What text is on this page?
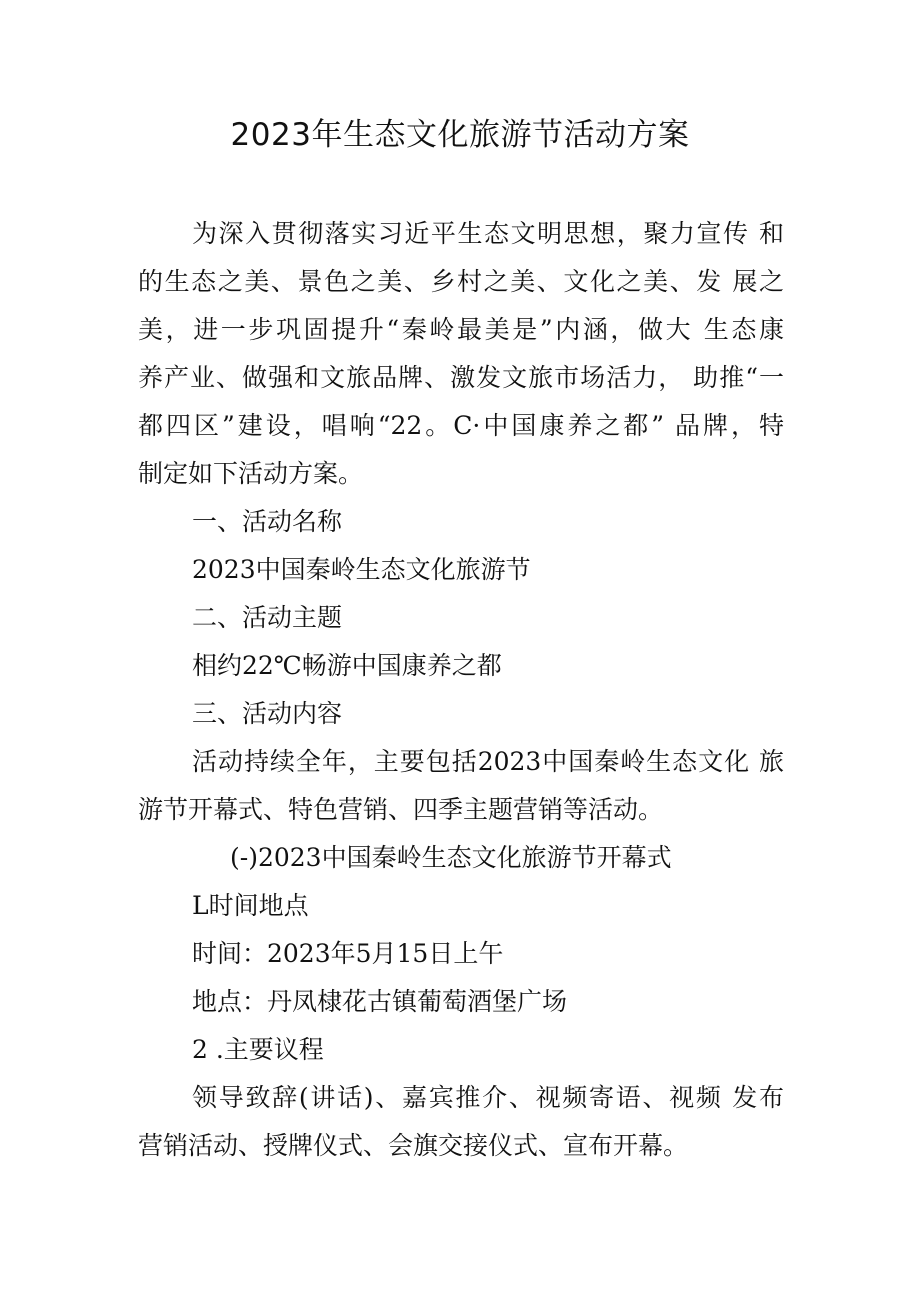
2023年生态文化旅游节活动方案
为深入贯彻落实习近平生态文明思想，聚力宣传 和
的生态之美、景色之美、乡村之美、文化之美、发 展之
美，进一步巩固提升“秦岭最美是”内涵，做大 生态康
养产业、做强和文旅品牌、激发文旅市场活力， 助推“一
都四区”建设，唱响“22。C·中国康养之都” 品牌，特
制定如下活动方案。
一、活动名称
2023中国秦岭生态文化旅游节
二、活动主题
相约22℃畅游中国康养之都
三、活动内容
活动持续全年，主要包括2023中国秦岭生态文化 旅
游节开幕式、特色营销、四季主题营销等活动。
(-)2023中国秦岭生态文化旅游节开幕式
L时间地点
时间：2023年5月15日上午
地点：丹凤棣花古镇葡萄酒堡广场
2 .主要议程
领导致辞(讲话)、嘉宾推介、视频寄语、视频 发布
营销活动、授牌仪式、会旗交接仪式、宣布开幕。
